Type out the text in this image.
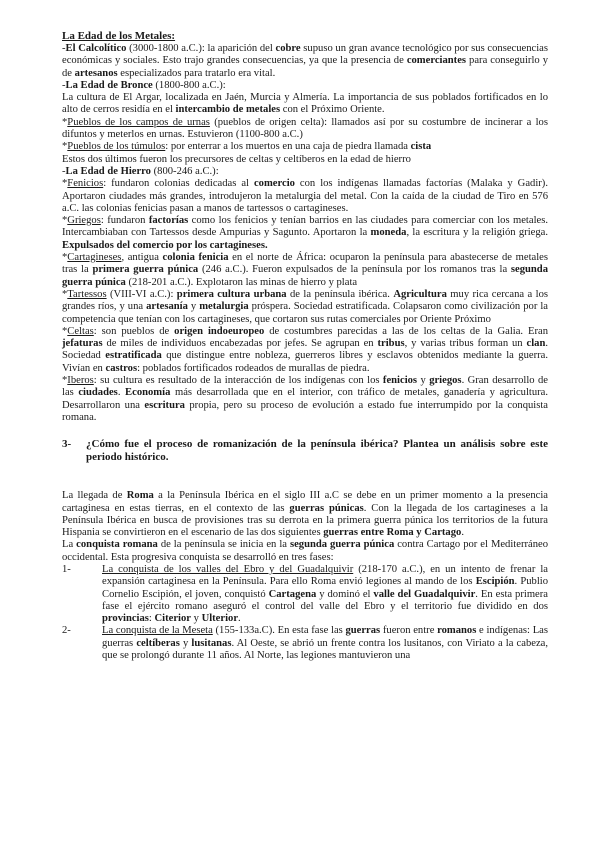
La Edad de los Metales:

-El Calcolítico (3000-1800 a.C.): la aparición del cobre supuso un gran avance tecnológico por sus consecuencias económicas y sociales. Esto trajo grandes consecuencias, ya que la presencia de comerciantes para conseguirlo y de artesanos especializados para tratarlo era vital.

-La Edad de Bronce (1800-800 a.C.):

La cultura de El Argar, localizada en Jaén, Murcia y Almería. La importancia de sus poblados fortificados en lo alto de cerros residía en el intercambio de metales con el Próximo Oriente.

*Pueblos de los campos de urnas (pueblos de origen celta): llamados así por su costumbre de incinerar a los difuntos y meterlos en urnas. Estuvieron (1100-800 a.C.)

*Pueblos de los túmulos: por enterrar a los muertos en una caja de piedra llamada cista

Estos dos últimos fueron los precursores de celtas y celtíberos en la edad de hierro

-La Edad de Hierro (800-246 a.C.):

*Fenicios: fundaron colonias dedicadas al comercio con los indígenas llamadas factorías (Malaka y Gadir). Aportaron ciudades más grandes, introdujeron la metalurgia del metal. Con la caída de la ciudad de Tiro en 576 a.C. las colonias fenicias pasan a manos de tartessos o cartagineses.

*Griegos: fundaron factorías como los fenicios y tenían barrios en las ciudades para comerciar con los metales. Intercambiaban con Tartessos desde Ampurias y Sagunto. Aportaron la moneda, la escritura y la religión griega. Expulsados del comercio por los cartagineses.

*Cartagineses, antigua colonia fenicia en el norte de África: ocuparon la península para abastecerse de metales tras la primera guerra púnica (246 a.C.). Fueron expulsados de la península por los romanos tras la segunda guerra púnica (218-201 a.C.). Explotaron las minas de hierro y plata

*Tartessos (VIII-VI a.C.): primera cultura urbana de la península ibérica. Agricultura muy rica cercana a los grandes ríos, y una artesanía y metalurgia próspera. Sociedad estratificada. Colapsaron como civilización por la competencia que tenían con los cartagineses, que cortaron sus rutas comerciales por Oriente Próximo

*Celtas: son pueblos de origen indoeuropeo de costumbres parecidas a las de los celtas de la Galia. Eran jefaturas de miles de individuos encabezadas por jefes. Se agrupan en tribus, y varias tribus forman un clan. Sociedad estratificada que distingue entre nobleza, guerreros libres y esclavos obtenidos mediante la guerra. Vivían en castros: poblados fortificados rodeados de murallas de piedra.

*Iberos: su cultura es resultado de la interacción de los indígenas con los fenicios y griegos. Gran desarrollo de las ciudades. Economía más desarrollada que en el interior, con tráfico de metales, ganadería y agricultura. Desarrollaron una escritura propia, pero su proceso de evolución a estado fue interrumpido por la conquista romana.

3-	¿Cómo fue el proceso de romanización de la península ibérica? Plantea un análisis sobre este periodo histórico.

La llegada de Roma a la Península Ibérica en el siglo III a.C se debe en un primer momento a la presencia cartaginesa en estas tierras, en el contexto de las guerras púnicas. Con la llegada de los cartagineses a la Península Ibérica en busca de provisiones tras su derrota en la primera guerra púnica los territorios de la futura Hispania se convirtieron en el escenario de las dos siguientes guerras entre Roma y Cartago.

La conquista romana de la península se inicia en la segunda guerra púnica contra Cartago por el Mediterráneo occidental. Esta progresiva conquista se desarrolló en tres fases:

1-	La conquista de los valles del Ebro y del Guadalquivir (218-170 a.C.), en un intento de frenar la expansión cartaginesa en la Península. Para ello Roma envió legiones al mando de los Escipión. Publio Cornelio Escipión, el joven, conquistó Cartagena y dominó el valle del Guadalquivir. En esta primera fase el ejército romano aseguró el control del valle del Ebro y el territorio fue dividido en dos provincias: Citerior y Ulterior.
2-	La conquista de la Meseta (155-133a.C). En esta fase las guerras fueron entre romanos e indígenas: Las guerras celtíberas y lusitanas. Al Oeste, se abrió un frente contra los lusitanos, con Viriato a la cabeza, que se prolongó durante 11 años. Al Norte, las legiones mantuvieron una
